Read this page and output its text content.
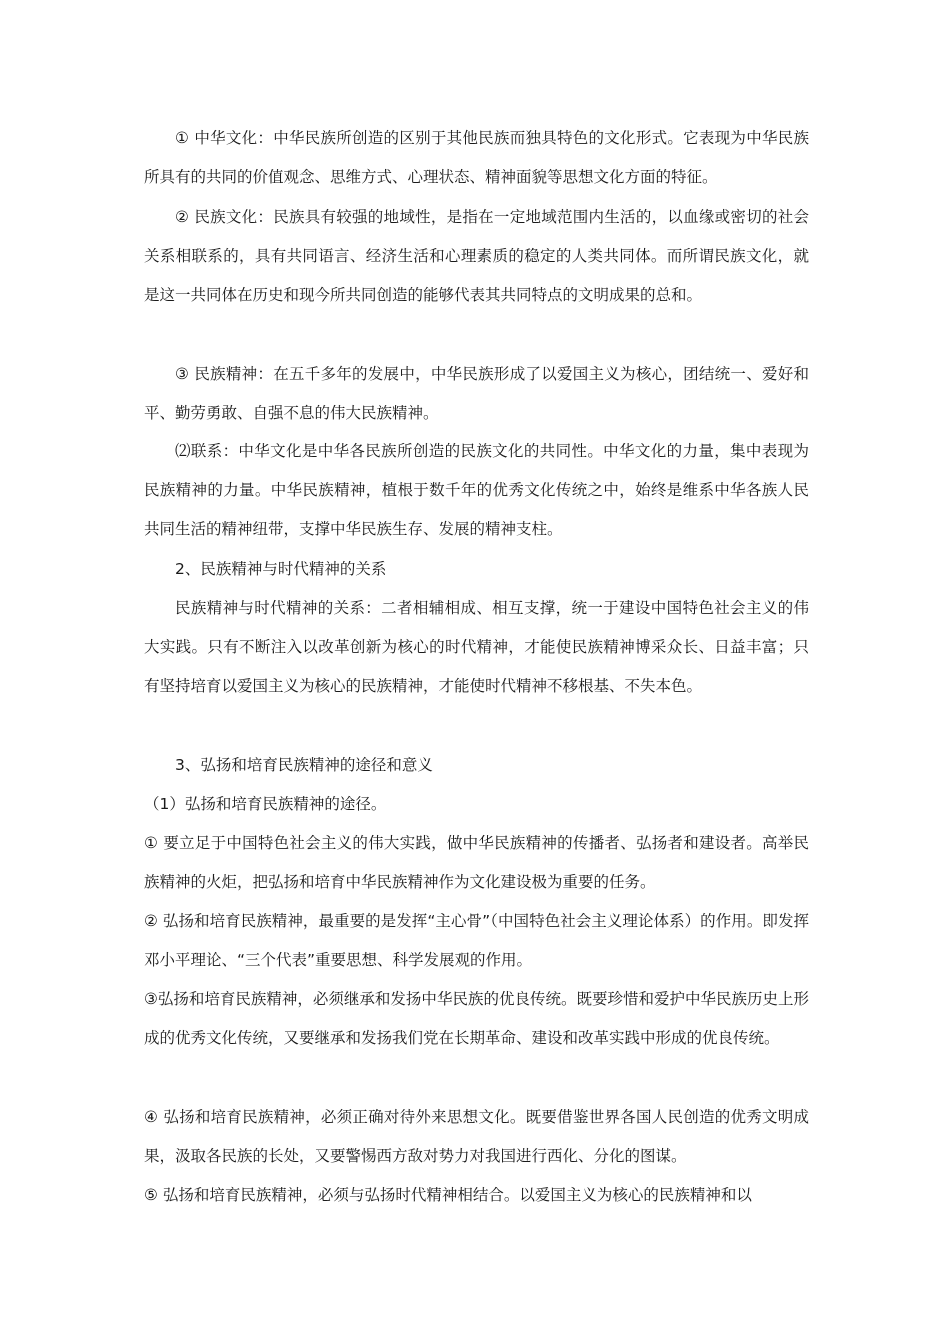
① 中华文化：中华民族所创造的区别于其他民族而独具特色的文化形式。它表现为中华民族所具有的共同的价值观念、思维方式、心理状态、精神面貌等思想文化方面的特征。

② 民族文化：民族具有较强的地域性，是指在一定地域范围内生活的，以血缘或密切的社会关系相联系的，具有共同语言、经济生活和心理素质的稳定的人类共同体。而所谓民族文化，就是这一共同体在历史和现今所共同创造的能够代表其共同特点的文明成果的总和。

③ 民族精神：在五千多年的发展中，中华民族形成了以爱国主义为核心，团结统一、爱好和平、勤劳勇敢、自强不息的伟大民族精神。

⑵联系：中华文化是中华各民族所创造的民族文化的共同性。中华文化的力量，集中表现为民族精神的力量。中华民族精神，植根于数千年的优秀文化传统之中，始终是维系中华各族人民共同生活的精神纽带，支撑中华民族生存、发展的精神支柱。

2、民族精神与时代精神的关系

民族精神与时代精神的关系：二者相辅相成、相互支撑，统一于建设中国特色社会主义的伟大实践。只有不断注入以改革创新为核心的时代精神，才能使民族精神博采众长、日益丰富；只有坚持培育以爱国主义为核心的民族精神，才能使时代精神不移根基、不失本色。

3、弘扬和培育民族精神的途径和意义

（1）弘扬和培育民族精神的途径。

① 要立足于中国特色社会主义的伟大实践，做中华民族精神的传播者、弘扬者和建设者。高举民族精神的火炬，把弘扬和培育中华民族精神作为文化建设极为重要的任务。

② 弘扬和培育民族精神，最重要的是发挥“主心骨”（中国特色社会主义理论体系）的作用。即发挥邓小平理论、“三个代表”重要思想、科学发展观的作用。

③弘扬和培育民族精神，必须继承和发扬中华民族的优良传统。既要珍惜和爱护中华民族历史上形成的优秀文化传统，又要继承和发扬我们党在长期革命、建设和改革实践中形成的优良传统。

④ 弘扬和培育民族精神，必须正确对待外来思想文化。既要借鉴世界各国人民创造的优秀文明成果，汲取各民族的长处，又要警惕西方敌对势力对我国进行西化、分化的图谋。

⑤ 弘扬和培育民族精神，必须与弘扬时代精神相结合。以爱国主义为核心的民族精神和以
